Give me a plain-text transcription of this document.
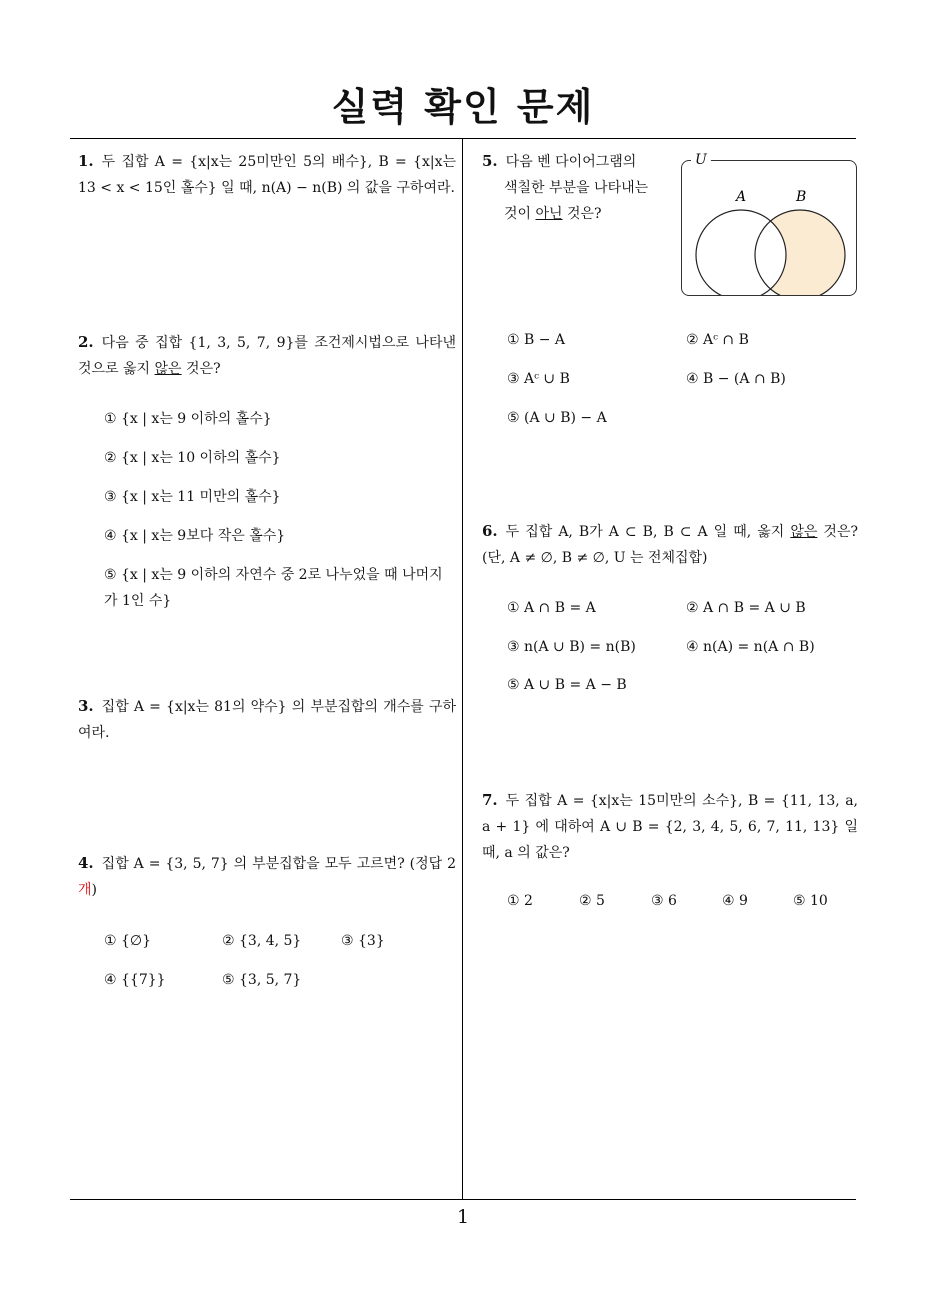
실력 확인 문제
1
1. 두 집합 A = {x|x는 25미만인 5의 배수}, B = {x|x는 13 < x < 15인 홀수} 일 때, n(A) − n(B) 의 값을 구하여라.
2. 다음 중 집합 {1, 3, 5, 7, 9}를 조건제시법으로 나타낸 것으로 옳지 않은 것은?
① {x | x는 9 이하의 홀수}
② {x | x는 10 이하의 홀수}
③ {x | x는 11 미만의 홀수}
④ {x | x는 9보다 작은 홀수}
⑤ {x | x는 9 이하의 자연수 중 2로 나누었을 때 나머지가 1인 수}
3. 집합 A = {x|x는 81의 약수} 의 부분집합의 개수를 구하여라.
4. 집합 A = {3, 5, 7} 의 부분집합을 모두 고르면? (정답 2 개)
① {∅}	② {3, 4, 5}	③ {3}
④ {{7}}	⑤ {3, 5, 7}
5. 다음 벤 다이어그램의
색칠한 부분을 나타내는
것이 아닌 것은?
A	B
U
① B − A	② Aᶜ ∩ B
③ Aᶜ ∪ B	④ B − (A ∩ B)
⑤ (A ∪ B) − A
6. 두 집합 A, B가 A ⊂ B, B ⊂ A 일 때, 옳지 않은 것은? (단, A ≠ ∅, B ≠ ∅, U 는 전체집합)
① A ∩ B = A	② A ∩ B = A ∪ B
③ n(A ∪ B) = n(B)	④ n(A) = n(A ∩ B)
⑤ A ∪ B = A − B
7. 두 집합 A = {x|x는 15미만의 소수}, B = {11, 13, a, a + 1} 에 대하여 A ∪ B = {2, 3, 4, 5, 6, 7, 11, 13} 일 때, a 의 값은?
① 2	② 5	③ 6	④ 9	⑤ 10
